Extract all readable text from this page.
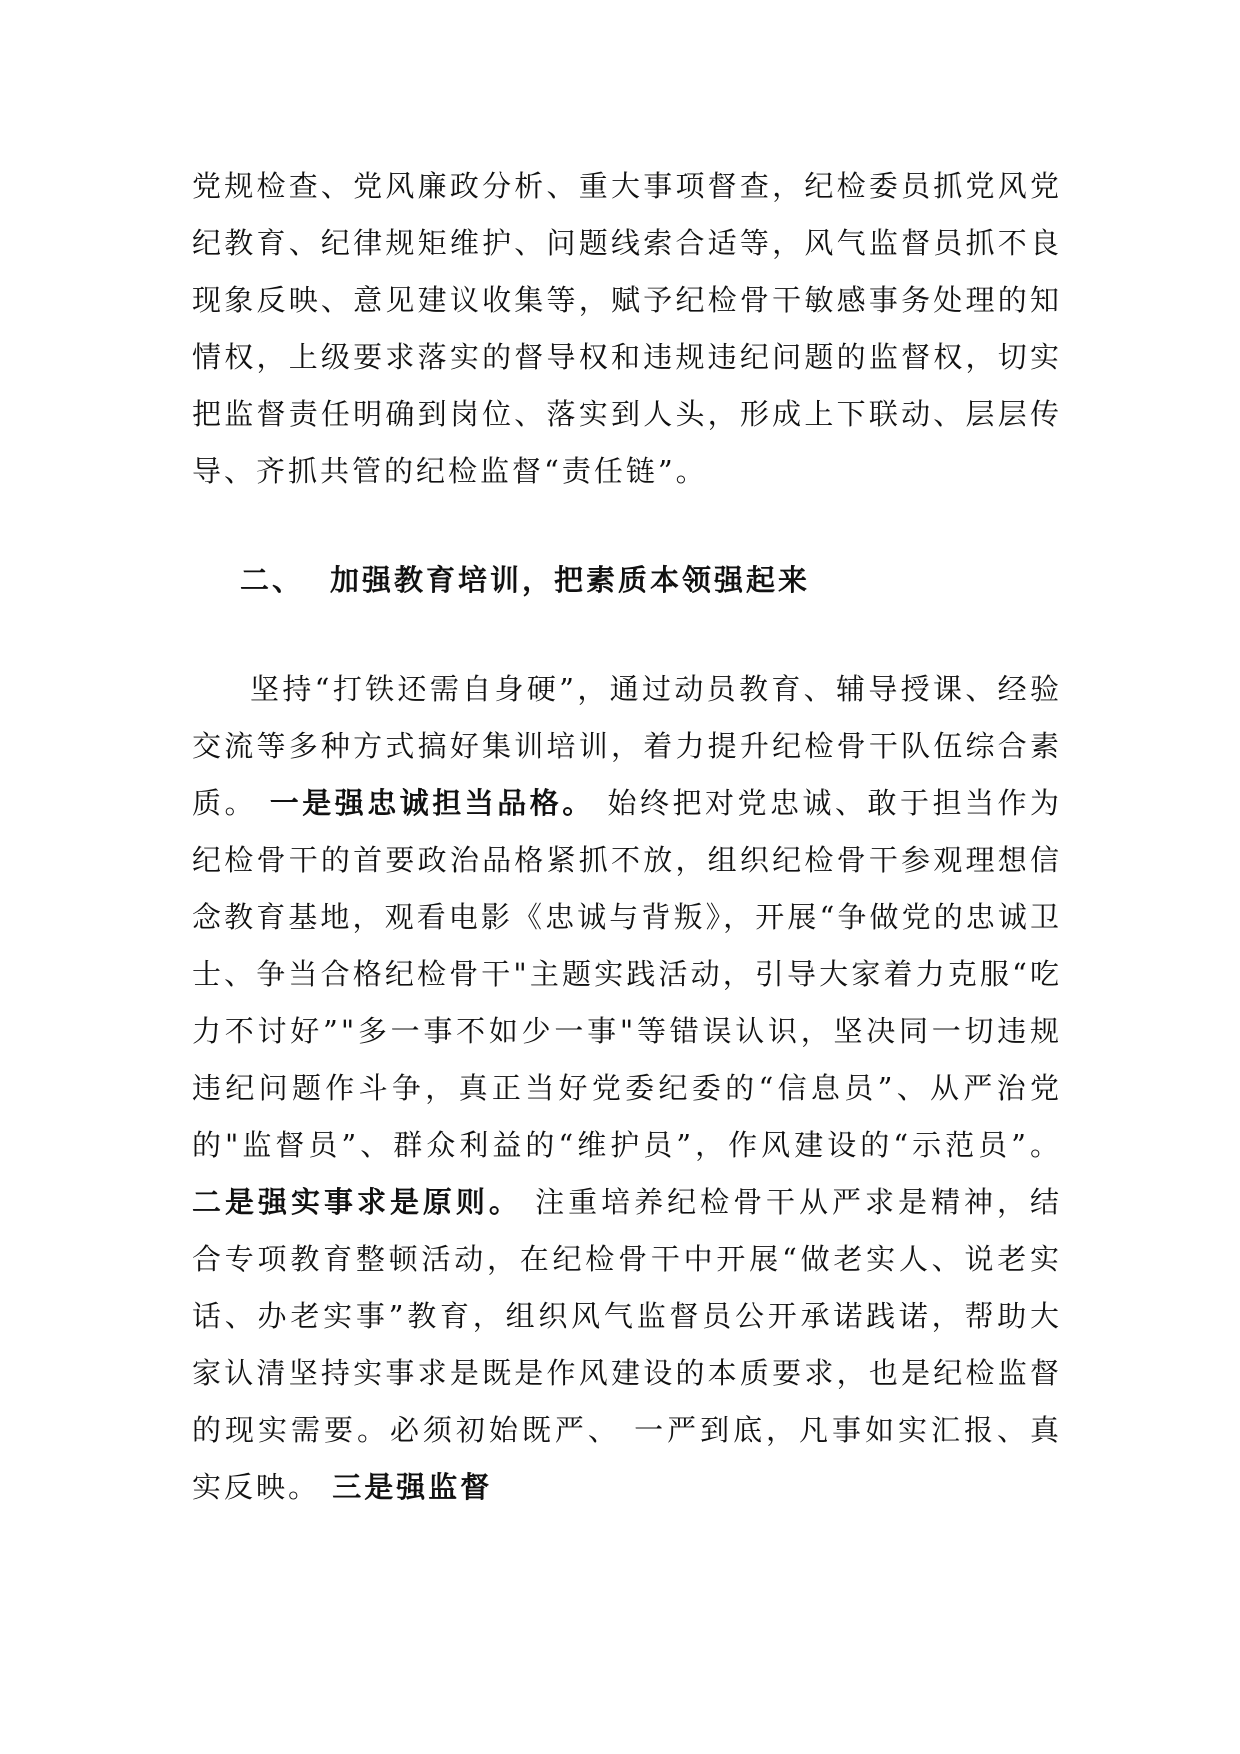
党规检查、党风廉政分析、重大事项督查，纪检委员抓党风党纪教育、纪律规矩维护、问题线索合适等，风气监督员抓不良现象反映、意见建议收集等，赋予纪检骨干敏感事务处理的知情权，上级要求落实的督导权和违规违纪问题的监督权，切实把监督责任明确到岗位、落实到人头，形成上下联动、层层传导、齐抓共管的纪检监督“责任链”。

二、 加强教育培训，把素质本领强起来

坚持“打铁还需自身硬”，通过动员教育、辅导授课、经验交流等多种方式搞好集训培训，着力提升纪检骨干队伍综合素质。 一是强忠诚担当品格。 始终把对党忠诚、敢于担当作为纪检骨干的首要政治品格紧抓不放，组织纪检骨干参观理想信念教育基地，观看电影《忠诚与背叛》，开展“争做党的忠诚卫士、争当合格纪检骨干"主题实践活动，引导大家着力克服“吃力不讨好”"多一事不如少一事"等错误认识，坚决同一切违规违纪问题作斗争，真正当好党委纪委的“信息员”、从严治党的"监督员”、群众利益的“维护员”，作风建设的“示范员”。 二是强实事求是原则。 注重培养纪检骨干从严求是精神，结合专项教育整顿活动，在纪检骨干中开展“做老实人、说老实话、办老实事”教育，组织风气监督员公开承诺践诺，帮助大家认清坚持实事求是既是作风建设的本质要求，也是纪检监督的现实需要。必须初始既严、 一严到底，凡事如实汇报、真实反映。 三是强监督
